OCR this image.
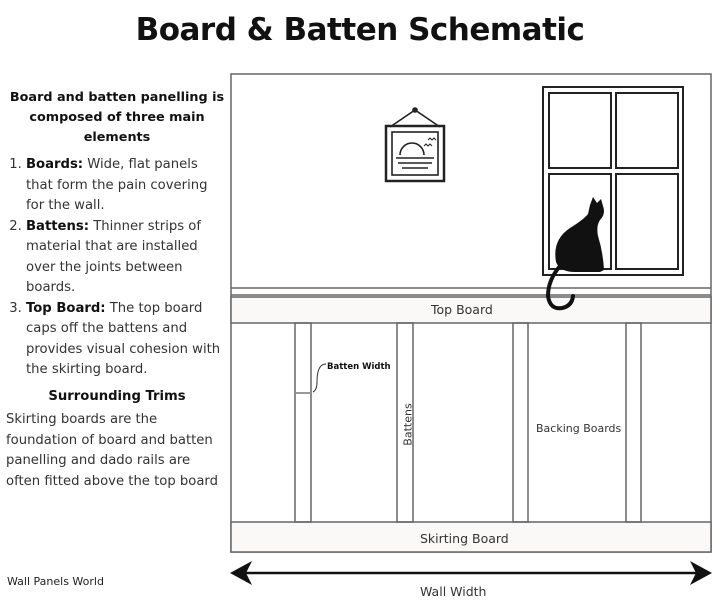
Board & Batten Schematic
Board and batten panelling is composed of three main elements
1. Boards: Wide, flat panels that form the pain covering for the wall.
2. Battens: Thinner strips of material that are installed over the joints between boards.
3. Top Board: The top board caps off the battens and provides visual cohesion with the skirting board.
Surrounding Trims
Skirting boards are the foundation of board and batten panelling and dado rails are often fitted above the top board
Top Board
Batten Width
Battens	Backing Boards
Skirting Board
Wall Width
Wall Panels World
